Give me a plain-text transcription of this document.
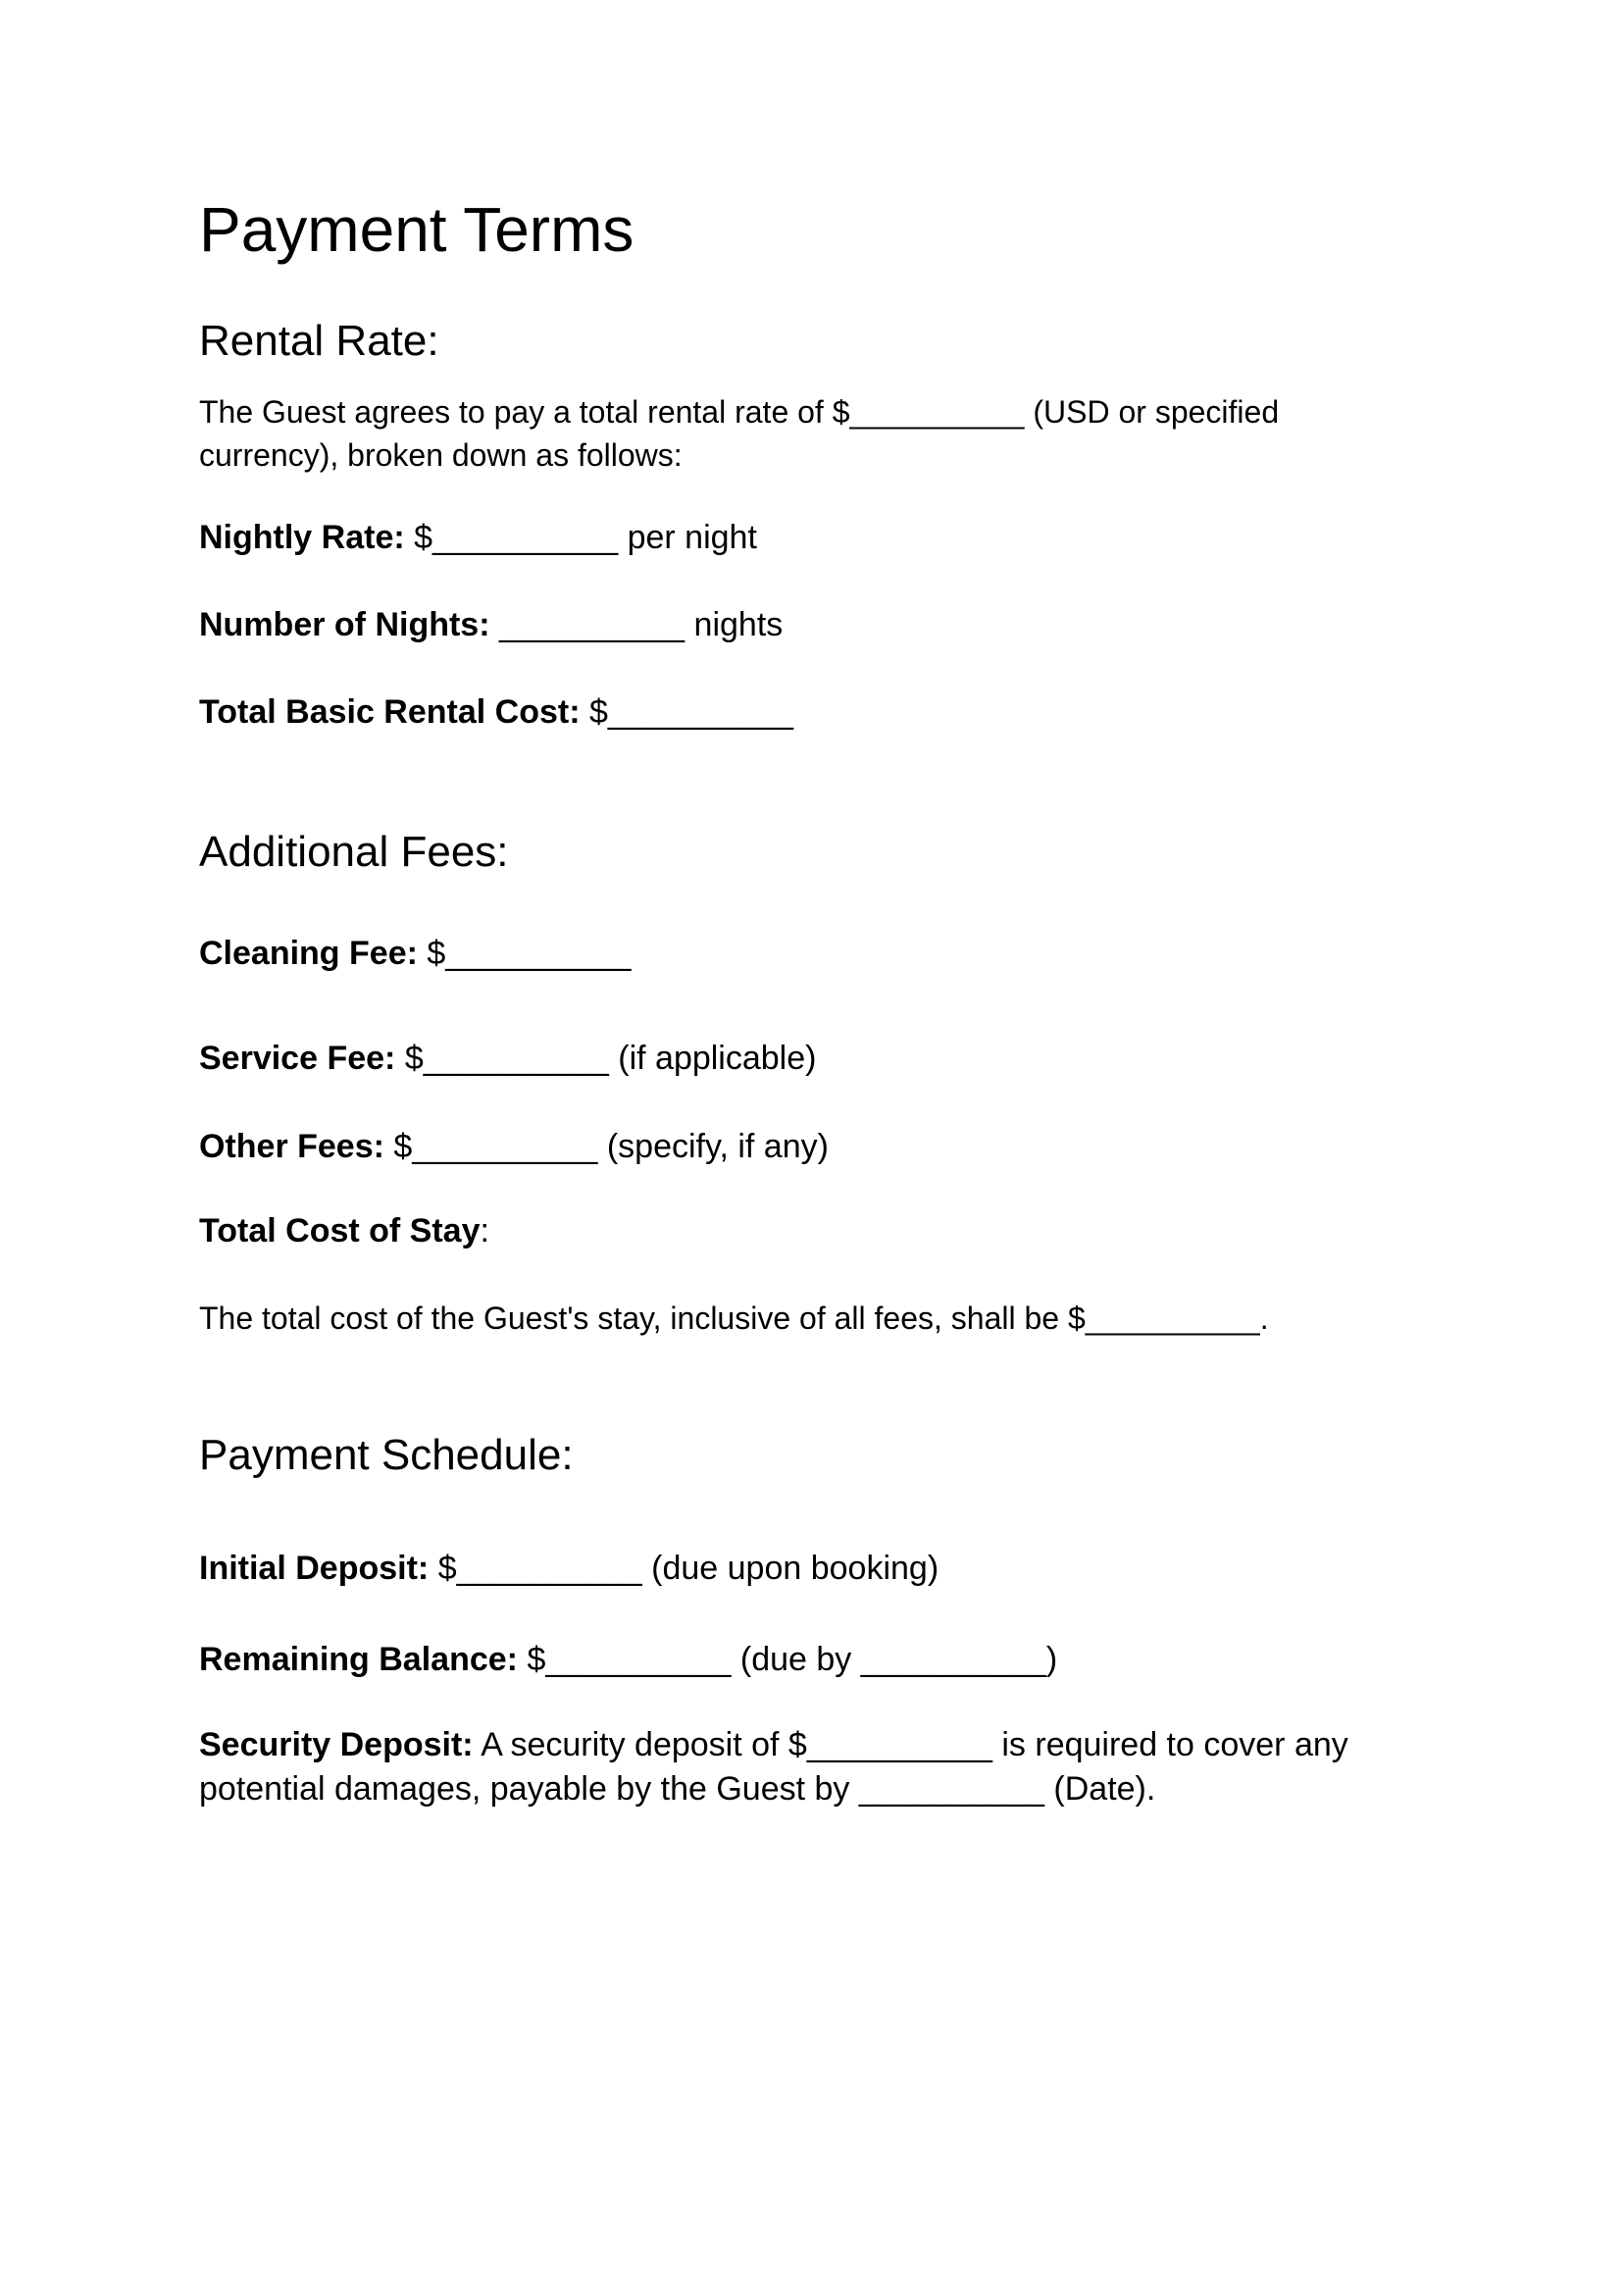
Payment Terms
Rental Rate:

The Guest agrees to pay a total rental rate of $__________ (USD or specified
currency), broken down as follows:

Nightly Rate: $__________ per night

Number of Nights: __________ nights

Total Basic Rental Cost: $__________

Additional Fees:

Cleaning Fee: $__________

Service Fee: $__________ (if applicable)

Other Fees: $__________ (specify, if any)

Total Cost of Stay:

The total cost of the Guest's stay, inclusive of all fees, shall be $__________.

Payment Schedule:

Initial Deposit: $__________ (due upon booking)

Remaining Balance: $__________ (due by __________)

Security Deposit: A security deposit of $__________ is required to cover any
potential damages, payable by the Guest by __________ (Date).
